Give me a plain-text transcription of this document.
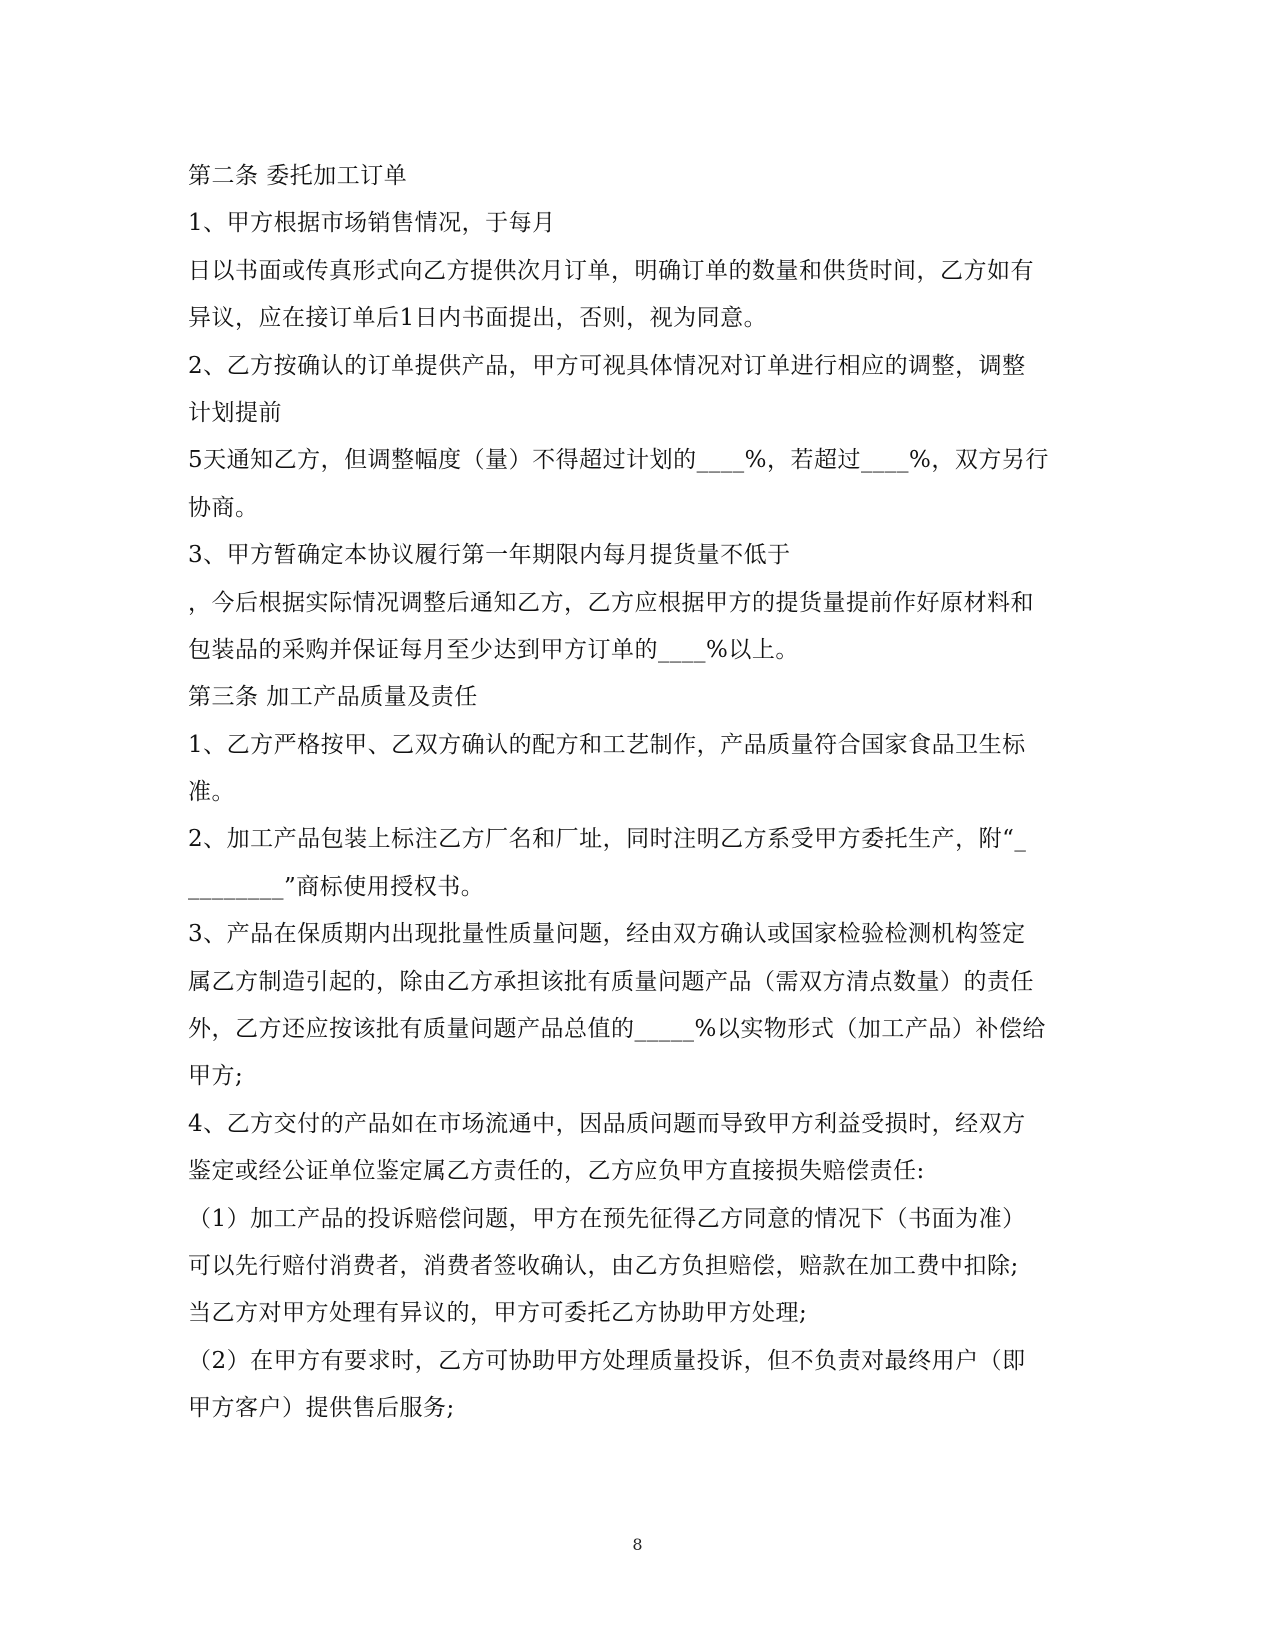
第二条 委托加工订单
1、甲方根据市场销售情况，于每月
日以书面或传真形式向乙方提供次月订单，明确订单的数量和供货时间，乙方如有
异议，应在接订单后1日内书面提出，否则，视为同意。
2、乙方按确认的订单提供产品，甲方可视具体情况对订单进行相应的调整，调整
计划提前
5天通知乙方，但调整幅度（量）不得超过计划的____%，若超过____%，双方另行
协商。
3、甲方暂确定本协议履行第一年期限内每月提货量不低于
，今后根据实际情况调整后通知乙方，乙方应根据甲方的提货量提前作好原材料和
包装品的采购并保证每月至少达到甲方订单的____%以上。
第三条 加工产品质量及责任
1、乙方严格按甲、乙双方确认的配方和工艺制作，产品质量符合国家食品卫生标
准。
2、加工产品包装上标注乙方厂名和厂址，同时注明乙方系受甲方委托生产，附“_
________”商标使用授权书。
3、产品在保质期内出现批量性质量问题，经由双方确认或国家检验检测机构签定
属乙方制造引起的，除由乙方承担该批有质量问题产品（需双方清点数量）的责任
外，乙方还应按该批有质量问题产品总值的_____%以实物形式（加工产品）补偿给
甲方;
4、乙方交付的产品如在市场流通中，因品质问题而导致甲方利益受损时，经双方
鉴定或经公证单位鉴定属乙方责任的，乙方应负甲方直接损失赔偿责任:
（1）加工产品的投诉赔偿问题，甲方在预先征得乙方同意的情况下（书面为准）
可以先行赔付消费者，消费者签收确认，由乙方负担赔偿，赔款在加工费中扣除;
当乙方对甲方处理有异议的，甲方可委托乙方协助甲方处理;
（2）在甲方有要求时，乙方可协助甲方处理质量投诉，但不负责对最终用户（即
甲方客户）提供售后服务;
8
